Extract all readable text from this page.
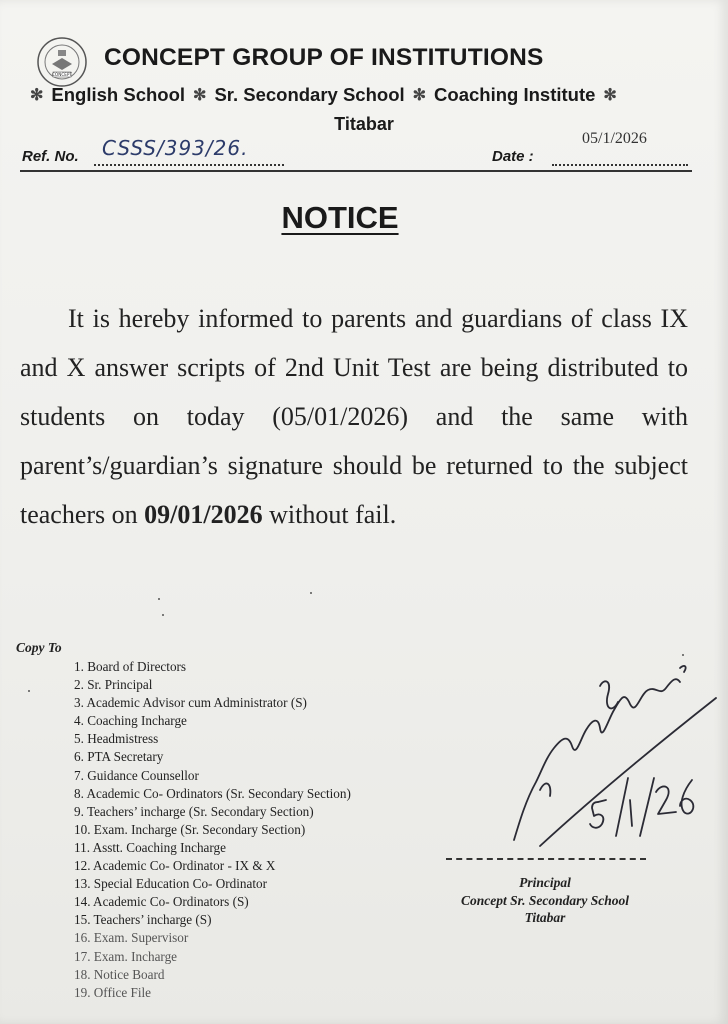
CONCEPT
CONCEPT GROUP OF INSTITUTIONS
✻ English School ✻ Sr. Secondary School ✻ Coaching Institute ✻
Titabar
Ref. No. CSSS/393/26.	Date :
05/1/2026
NOTICE
It is hereby informed to parents and guardians of class IX and X answer scripts of 2nd Unit Test are being distributed to students on today (05/01/2026) and the same with parent’s/guardian’s signature should be returned to the subject teachers on 09/01/2026 without fail.
Copy To
1. Board of Directors
2. Sr. Principal
3. Academic Advisor cum Administrator (S)
4. Coaching Incharge
5. Headmistress
6. PTA Secretary
7. Guidance Counsellor
8. Academic Co- Ordinators (Sr. Secondary Section)
9. Teachers’ incharge (Sr. Secondary Section)
10. Exam. Incharge (Sr. Secondary Section)
11. Asstt. Coaching Incharge
12. Academic Co- Ordinator - IX & X
13. Special Education Co- Ordinator
14. Academic Co- Ordinators (S)
15. Teachers’ incharge (S)
16. Exam. Supervisor
17. Exam. Incharge
18. Notice Board
19. Office File
Principal
Concept Sr. Secondary School
Titabar
